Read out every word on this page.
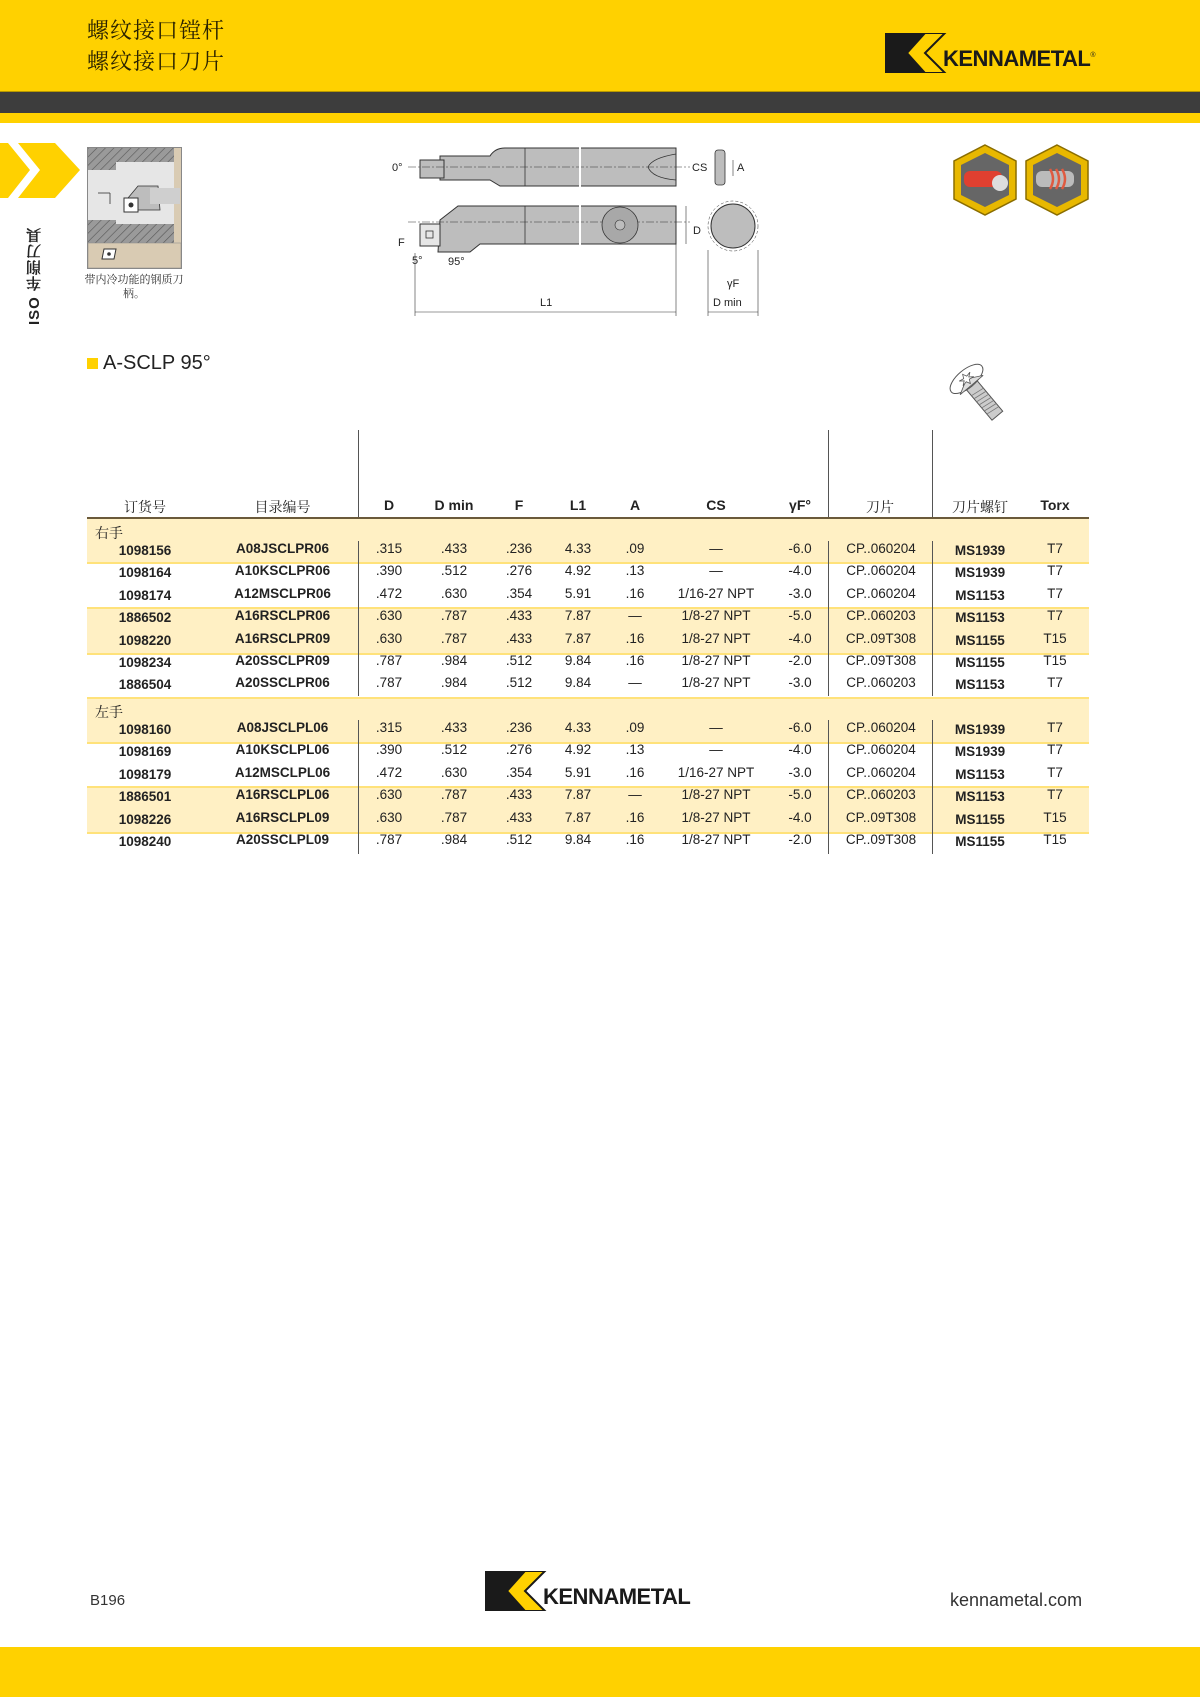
螺纹接口镗杆
螺纹接口刀片	KENNAMETAL ®
ISO 车削刀具	带内冷功能的钢质刀柄。
0°	CS	A
F
5° 95°
D
γF
L1	D min
A-SCLP 95°
订货号	目录编号	D	D min	F	L1	A	CS	γF°	刀片	刀片螺钉	Torx
右手
左手
1098156	A08JSCLPR06	.315	.433	.236	4.33	.09	—	-6.0	CP..060204	MS1939	T7
1098164	A10KSCLPR06	.390	.512	.276	4.92	.13	—	-4.0	CP..060204	MS1939	T7
1098174	A12MSCLPR06	.472	.630	.354	5.91	.16	1/16-27 NPT	-3.0	CP..060204	MS1153	T7
1886502	A16RSCLPR06	.630	.787	.433	7.87	—	1/8-27 NPT	-5.0	CP..060203	MS1153	T7
1098220	A16RSCLPR09	.630	.787	.433	7.87	.16	1/8-27 NPT	-4.0	CP..09T308	MS1155	T15
1098234	A20SSCLPR09	.787	.984	.512	9.84	.16	1/8-27 NPT	-2.0	CP..09T308	MS1155	T15
1886504	A20SSCLPR06	.787	.984	.512	9.84	—	1/8-27 NPT	-3.0	CP..060203	MS1153	T7
1098160	A08JSCLPL06	.315	.433	.236	4.33	.09	—	-6.0	CP..060204	MS1939	T7
1098169	A10KSCLPL06	.390	.512	.276	4.92	.13	—	-4.0	CP..060204	MS1939	T7
1098179	A12MSCLPL06	.472	.630	.354	5.91	.16	1/16-27 NPT	-3.0	CP..060204	MS1153	T7
1886501	A16RSCLPL06	.630	.787	.433	7.87	—	1/8-27 NPT	-5.0	CP..060203	MS1153	T7
1098226	A16RSCLPL09	.630	.787	.433	7.87	.16	1/8-27 NPT	-4.0	CP..09T308	MS1155	T15
1098240	A20SSCLPL09	.787	.984	.512	9.84	.16	1/8-27 NPT	-2.0	CP..09T308	MS1155	T15
B196	KENNAMETAL	kennametal.com
